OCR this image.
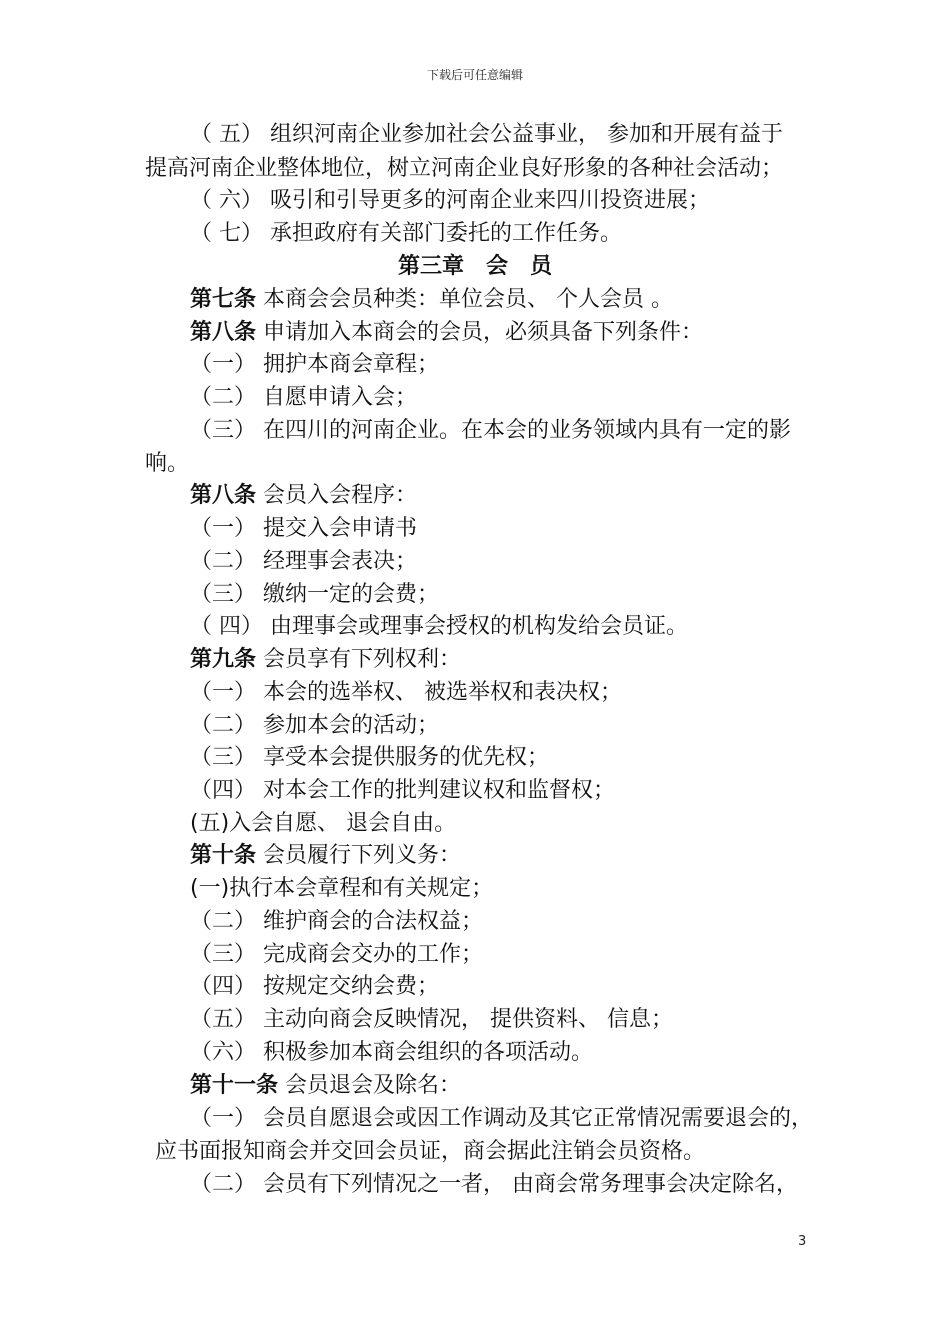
下载后可任意编辑
（ 五） 组织河南企业参加社会公益事业， 参加和开展有益于
提高河南企业整体地位，树立河南企业良好形象的各种社会活动；
（ 六） 吸引和引导更多的河南企业来四川投资进展；
（ 七） 承担政府有关部门委托的工作任务。
第三章　会　员
第七条 本商会会员种类：单位会员、 个人会员 。
第八条 申请加入本商会的会员，必须具备下列条件：
（一） 拥护本商会章程；
（二） 自愿申请入会；
（三） 在四川的河南企业。在本会的业务领域内具有一定的影
响。
第八条 会员入会程序：
（一） 提交入会申请书
（二） 经理事会表决；
（三） 缴纳一定的会费；
（ 四） 由理事会或理事会授权的机构发给会员证。
第九条 会员享有下列权利：
（一） 本会的选举权、 被选举权和表决权；
（二） 参加本会的活动；
（三） 享受本会提供服务的优先权；
（四） 对本会工作的批判建议权和监督权；
(五)入会自愿、 退会自由。
第十条 会员履行下列义务：
(一)执行本会章程和有关规定；
（二） 维护商会的合法权益；
（三） 完成商会交办的工作；
（四） 按规定交纳会费；
（五） 主动向商会反映情况， 提供资料、 信息；
（六） 积极参加本商会组织的各项活动。
第十一条 会员退会及除名：
（一） 会员自愿退会或因工作调动及其它正常情况需要退会的，
应书面报知商会并交回会员证，商会据此注销会员资格。
（二） 会员有下列情况之一者， 由商会常务理事会决定除名，
3
